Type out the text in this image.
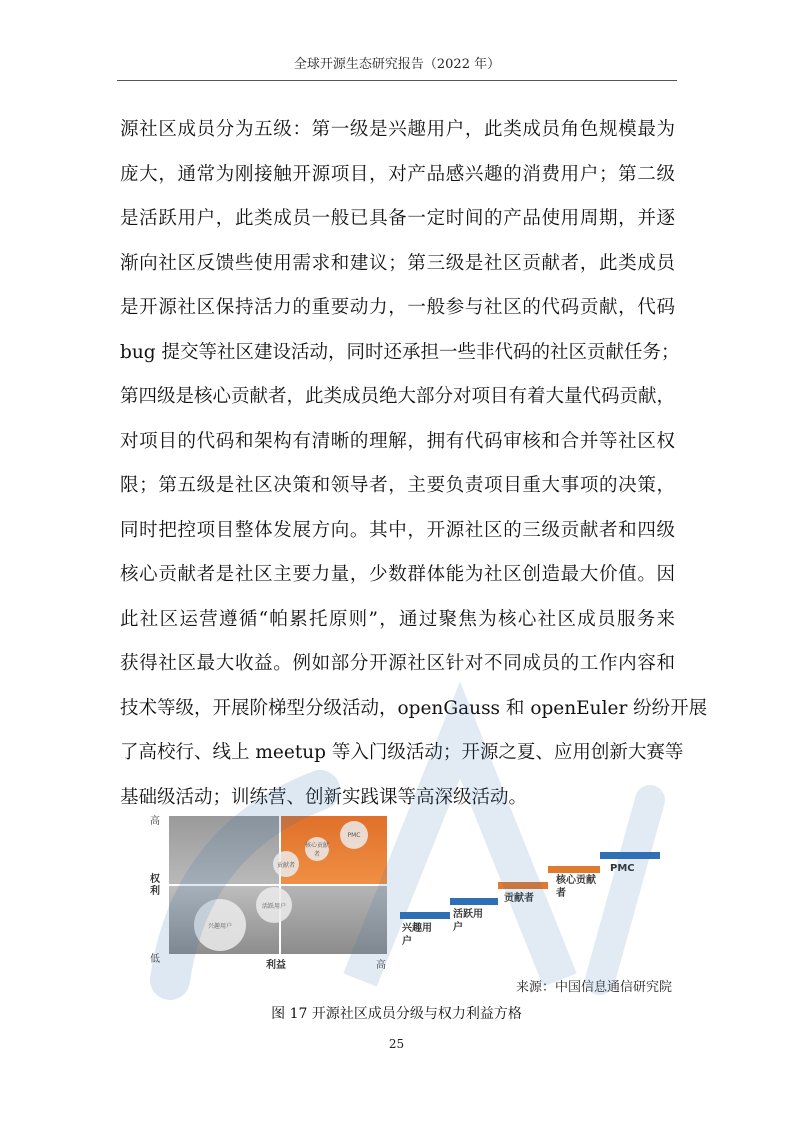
全球开源生态研究报告（2022 年）
源社区成员分为五级：第一级是兴趣用户，此类成员角色规模最为
庞大，通常为刚接触开源项目，对产品感兴趣的消费用户；第二级
是活跃用户，此类成员一般已具备一定时间的产品使用周期，并逐
渐向社区反馈些使用需求和建议；第三级是社区贡献者，此类成员
是开源社区保持活力的重要动力，一般参与社区的代码贡献，代码
bug 提交等社区建设活动，同时还承担一些非代码的社区贡献任务；
第四级是核心贡献者，此类成员绝大部分对项目有着大量代码贡献，
对项目的代码和架构有清晰的理解，拥有代码审核和合并等社区权
限；第五级是社区决策和领导者，主要负责项目重大事项的决策，
同时把控项目整体发展方向。其中，开源社区的三级贡献者和四级
核心贡献者是社区主要力量，少数群体能为社区创造最大价值。因
此社区运营遵循“帕累托原则”，通过聚焦为核心社区成员服务来
获得社区最大收益。例如部分开源社区针对不同成员的工作内容和
技术等级，开展阶梯型分级活动，openGauss 和 openEuler 纷纷开展
了高校行、线上 meetup 等入门级活动；开源之夏、应用创新大赛等
基础级活动；训练营、创新实践课等高深级活动。
高
权利
低
利益	高
PMC
核心贡献者
贡献者
活跃用户
兴趣用户	兴趣用户
活跃用户
贡献者
核心贡献者
PMC
来源：中国信息通信研究院
图 17 开源社区成员分级与权力利益方格
25
